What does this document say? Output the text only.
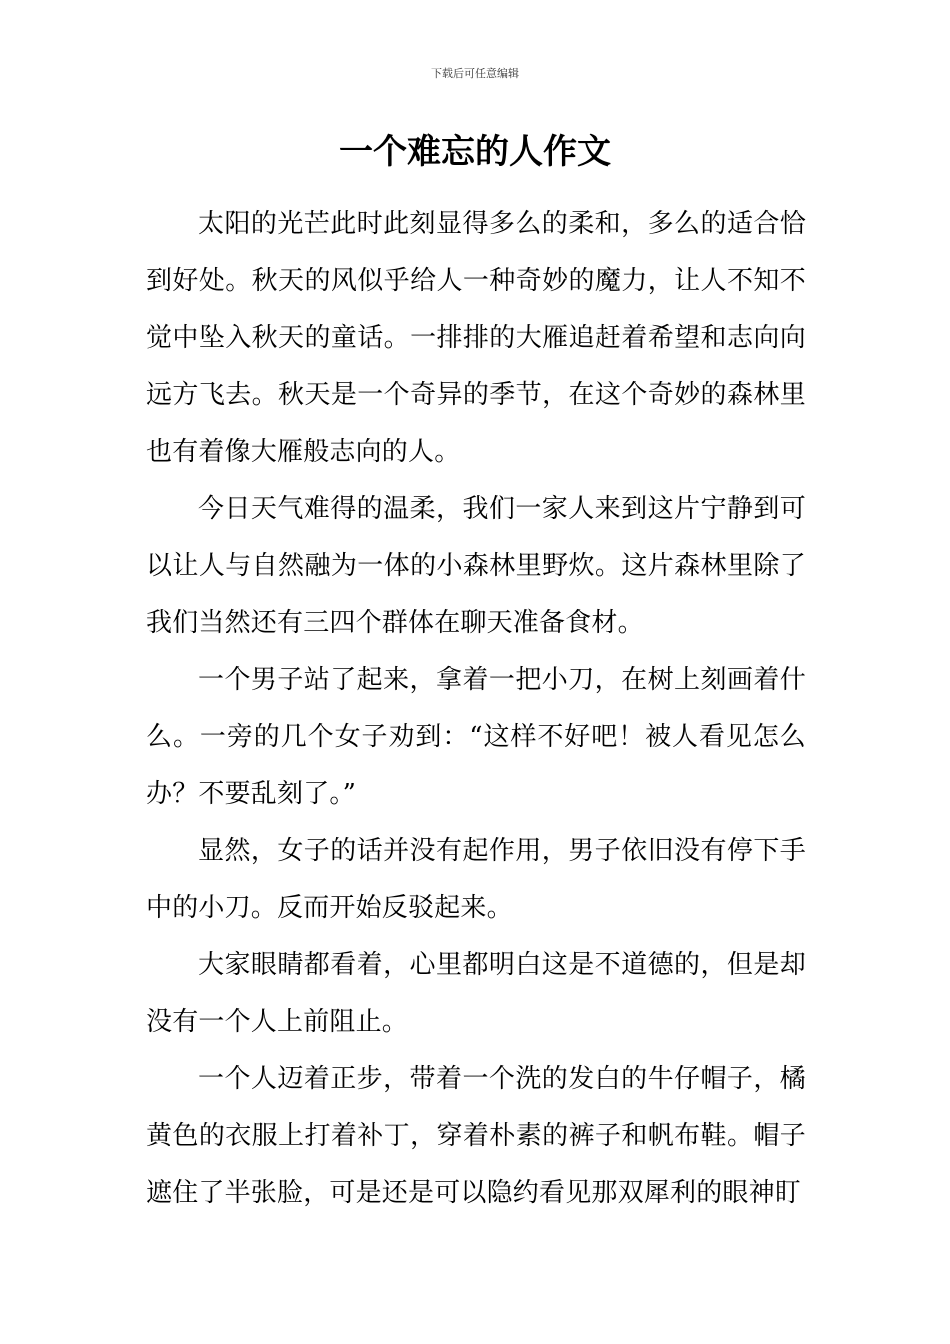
下载后可任意编辑
一个难忘的人作文

太阳的光芒此时此刻显得多么的柔和，多么的适合恰到好处。秋天的风似乎给人一种奇妙的魔力，让人不知不觉中坠入秋天的童话。一排排的大雁追赶着希望和志向向远方飞去。秋天是一个奇异的季节，在这个奇妙的森林里也有着像大雁般志向的人。

今日天气难得的温柔，我们一家人来到这片宁静到可以让人与自然融为一体的小森林里野炊。这片森林里除了我们当然还有三四个群体在聊天准备食材。

一个男子站了起来，拿着一把小刀，在树上刻画着什么。一旁的几个女子劝到：“这样不好吧！被人看见怎么办？不要乱刻了。”

显然，女子的话并没有起作用，男子依旧没有停下手中的小刀。反而开始反驳起来。

大家眼睛都看着，心里都明白这是不道德的，但是却没有一个人上前阻止。

一个人迈着正步，带着一个洗的发白的牛仔帽子，橘黄色的衣服上打着补丁，穿着朴素的裤子和帆布鞋。帽子遮住了半张脸，可是还是可以隐约看见那双犀利的眼神盯
